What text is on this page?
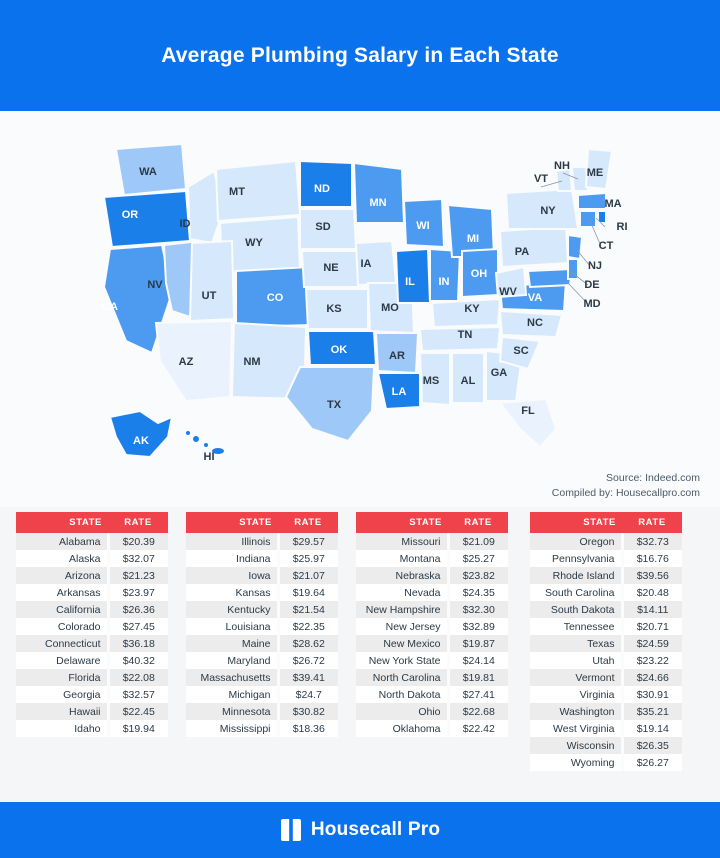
Average Plumbing Salary in Each State
WA
OR
ID
MT	ND
MN
SD
WY
WI
MI
NE IA
NV
UT	CO
IL IN
OH
PA
NY
VT
NH
ME
MA
RI
CT
NJ
DE
MD
WV VA
KY
KS	MO
CA
TN
NC
SC
AZ	NM
OK	AR
MS AL
GA
LA
TX	FL
AK
HI
Source: Indeed.com
Compiled by: Housecallpro.com
STATE	RATE
Alabama	$20.39
Alaska	$32.07
Arizona	$21.23
Arkansas	$23.97
California	$26.36
Colorado	$27.45
Connecticut	$36.18
Delaware	$40.32
Florida	$22.08
Georgia	$32.57
Hawaii	$22.45
Idaho	$19.94
STATE	RATE
Illinois	$29.57
Indiana	$25.97
Iowa	$21.07
Kansas	$19.64
Kentucky	$21.54
Louisiana	$22.35
Maine	$28.62
Maryland	$26.72
Massachusetts	$39.41
Michigan	$24.7
Minnesota	$30.82
Mississippi	$18.36
STATE	RATE
Missouri	$21.09
Montana	$25.27
Nebraska	$23.82
Nevada	$24.35
New Hampshire	$32.30
New Jersey	$32.89
New Mexico	$19.87
New York State	$24.14
North Carolina	$19.81
North Dakota	$27.41
Ohio	$22.68
Oklahoma	$22.42
STATE	RATE
Oregon	$32.73
Pennsylvania	$16.76
Rhode Island	$39.56
South Carolina	$20.48
South Dakota	$14.11
Tennessee	$20.71
Texas	$24.59
Utah	$23.22
Vermont	$24.66
Virginia	$30.91
Washington	$35.21
West Virginia	$19.14
Wisconsin	$26.35
Wyoming	$26.27
Housecall Pro
